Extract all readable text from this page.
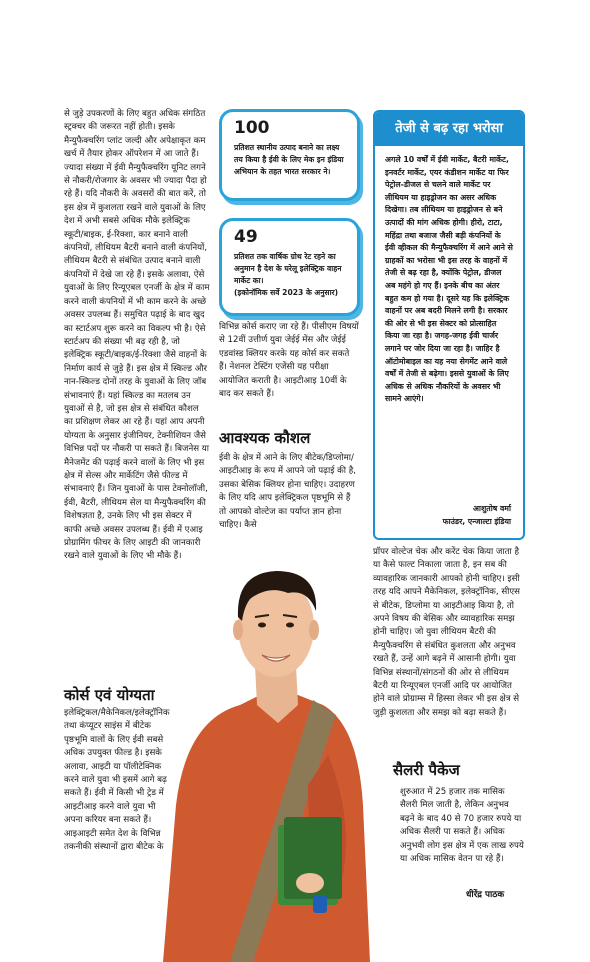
से जुड़े उपकरणों के लिए बहुत अधिक संगठित स्ट्रक्चर की जरूरत नहीं होती। इसके मैन्युफैक्चरिंग प्लांट जल्दी और अपेक्षाकृत कम खर्च में तैयार होकर ऑपरेशन में आ जाते हैं। ज्यादा संख्या में ईवी मैन्युफैक्चरिंग यूनिट लगने से नौकरी/रोजगार के अवसर भी ज्यादा पैदा हो रहे हैं। यदि नौकरी के अवसरों की बात करें, तो इस क्षेत्र में कुशलता रखने वाले युवाओं के लिए देश में अभी सबसे अधिक मौके इलेक्ट्रिक स्कूटी/बाइक, ई-रिक्शा, कार बनाने वाली कंपनियों, लीथियम बैटरी बनाने वाली कंपनियों, लीथियम बैटरी से संबंधित उत्पाद बनाने वाली कंपनियों में देखे जा रहे हैं। इसके अलावा, ऐसे युवाओं के लिए रिन्यूएबल एनर्जी के क्षेत्र में काम करने वाली कंपनियों में भी काम करने के अच्छे अवसर उपलब्ध हैं। समुचित पढ़ाई के बाद खुद का स्टार्टअप शुरू करने का विकल्प भी है। ऐसे स्टार्टअप की संख्या भी बढ़ रही है, जो इलेक्ट्रिक स्कूटी/बाइक/ई-रिक्शा जैसे वाहनों के निर्माण कार्य से जुड़े हैं। इस क्षेत्र में स्किल्ड और नान-स्किल्ड दोनों तरह के युवाओं के लिए जॉब संभावनाएं हैं। यहां स्किल्ड का मतलब उन युवाओं से है, जो इस क्षेत्र से संबंधित कौशल का प्रशिक्षण लेकर आ रहे हैं। यहां आप अपनी योग्यता के अनुसार इंजीनियर, टेक्नीशियन जैसे विभिन्न पदों पर नौकरी पा सकते हैं। बिजनेस या मैनेजमेंट की पढ़ाई करने वालों के लिए भी इस क्षेत्र में सेल्स और मार्केटिंग जैसे फील्ड में संभावनाएं हैं। जिन युवाओं के पास टेक्नोलॉजी, ईवी, बैटरी, लीथियम सेल या मैन्युफैक्चरिंग की विशेषज्ञता है, उनके लिए भी इस सेक्टर में काफी अच्छे अवसर उपलब्ध हैं। ईवी में एआइ प्रोग्रामिंग फीचर के लिए आइटी की जानकारी रखने वाले युवाओं के लिए भी मौके हैं।
कोर्स एवं योग्यता
इलेक्ट्रिकल/मैकेनिकल/इलेक्ट्रॉनिक तथा कंप्यूटर साइंस में बीटेक पृष्ठभूमि वालों के लिए ईवी सबसे अधिक उपयुक्त फील्ड है। इसके अलावा, आइटी या पॉलीटेक्निक करने वाले युवा भी इसमें आगे बढ़ सकते हैं। ईवी में किसी भी ट्रेड में आइटीआइ करने वाले युवा भी अपना करियर बना सकते हैं। आइआइटी समेत देश के विभिन्न तकनीकी संस्थानों द्वारा बीटेक के
100
प्रतिशत स्थानीय उत्पाद बनाने का लक्ष्य तय किया है ईवी के लिए मेक इन इंडिया अभियान के तहत भारत सरकार ने।
49
प्रतिशत तक वार्षिक ग्रोथ रेट रहने का अनुमान है देश के घरेलू इलेक्ट्रिक वाहन मार्केट का।
(इकोनॉमिक सर्वे 2023 के अनुसार)
विभिन्न कोर्स कराए जा रहे हैं। पीसीएम विषयों से 12वीं उत्तीर्ण युवा जेईई मेंस और जेईई एडवांस्ड क्लियर करके यह कोर्स कर सकते हैं। नेशनल टेस्टिंग एजेंसी यह परीक्षा आयोजित कराती है। आइटीआइ 10वीं के बाद कर सकते हैं।
आवश्यक कौशल
ईवी के क्षेत्र में आने के लिए बीटेक/डिप्लोमा/आइटीआइ के रूप में आपने जो पढ़ाई की है, उसका बेसिक क्लियर होना चाहिए। उदाहरण के लिए यदि आप इलेक्ट्रिकल पृष्ठभूमि से हैं तो आपको वोल्टेज का पर्याप्त ज्ञान होना चाहिए। कैसे
तेजी से बढ़ रहा भरोसा
अगले 10 वर्षों में ईवी मार्केट, बैटरी मार्केट, इनवर्टर मार्केट, एयर कंडीशन मार्केट या फिर पेट्रोल-डीजल से चलने वाले मार्केट पर लीथियम या हाइड्रोजन का असर अधिक दिखेगा। तब लीथियम या हाइड्रोजन से बने उत्पादों की मांग अधिक होगी। हीरो, टाटा, महिंद्रा तथा बजाज जैसी बड़ी कंपनियों के ईवी व्हीकल की मैन्युफैक्चरिंग में आने आने से ग्राहकों का भरोसा भी इस तरह के वाहनों में तेजी से बढ़ रहा है, क्योंकि पेट्रोल, डीजल अब महंगे हो गए हैं। इनके बीच का अंतर बहुत कम हो गया है। दूसरे यह कि इलेक्ट्रिक वाहनों पर अब बदरी मिलने लगी है। सरकार की ओर से भी इस सेक्टर को प्रोत्साहित किया जा रहा है। जगह-जगह ईवी चार्जर लगाने पर जोर दिया जा रहा है। जाहिर है ऑटोमोबाइल का यह नया सेगमेंट आने वाले वर्षों में तेजी से बढ़ेगा। इससे युवाओं के लिए अधिक से अधिक नौकरियों के अवसर भी सामने आएंगे।
आशुतोष वर्मा
फाउंडर, एन्जाल्टा इंडिया
प्रॉपर वोल्टेज चेक और करेंट चेक किया जाता है या कैसे फाल्ट निकाला जाता है, इन सब की व्यावहारिक जानकारी आपको होनी चाहिए। इसी तरह यदि आपने मैकेनिकल, इलेक्ट्रॉनिक, सीएस से बीटेक, डिप्लोमा या आइटीआइ किया है, तो अपने विषय की बेसिक और व्यावहारिक समझ होनी चाहिए। जो युवा लीथियम बैटरी की मैन्युफैक्चरिंग से संबंधित कुशलता और अनुभव रखते हैं, उन्हें आगे बढ़ने में आसानी होगी। युवा विभिन्न संस्थानों/संगठनों की ओर से लीथियम बैटरी या रिन्यूएबल एनर्जी आदि पर आयोजित होने वाले प्रोग्राम्स में हिस्सा लेकर भी इस क्षेत्र से जुड़ी कुशलता और समझ को बढ़ा सकते हैं।
सैलरी पैकेज
शुरुआत में 25 हजार तक मासिक सैलरी मिल जाती है, लेकिन अनुभव बढ़ने के बाद 40 से 70 हजार रुपये या अधिक सैलरी पा सकते हैं। अधिक अनुभवी लोग इस क्षेत्र में एक लाख रुपये या अधिक मासिक वेतन पा रहे हैं।
धीरेंद्र पाठक
